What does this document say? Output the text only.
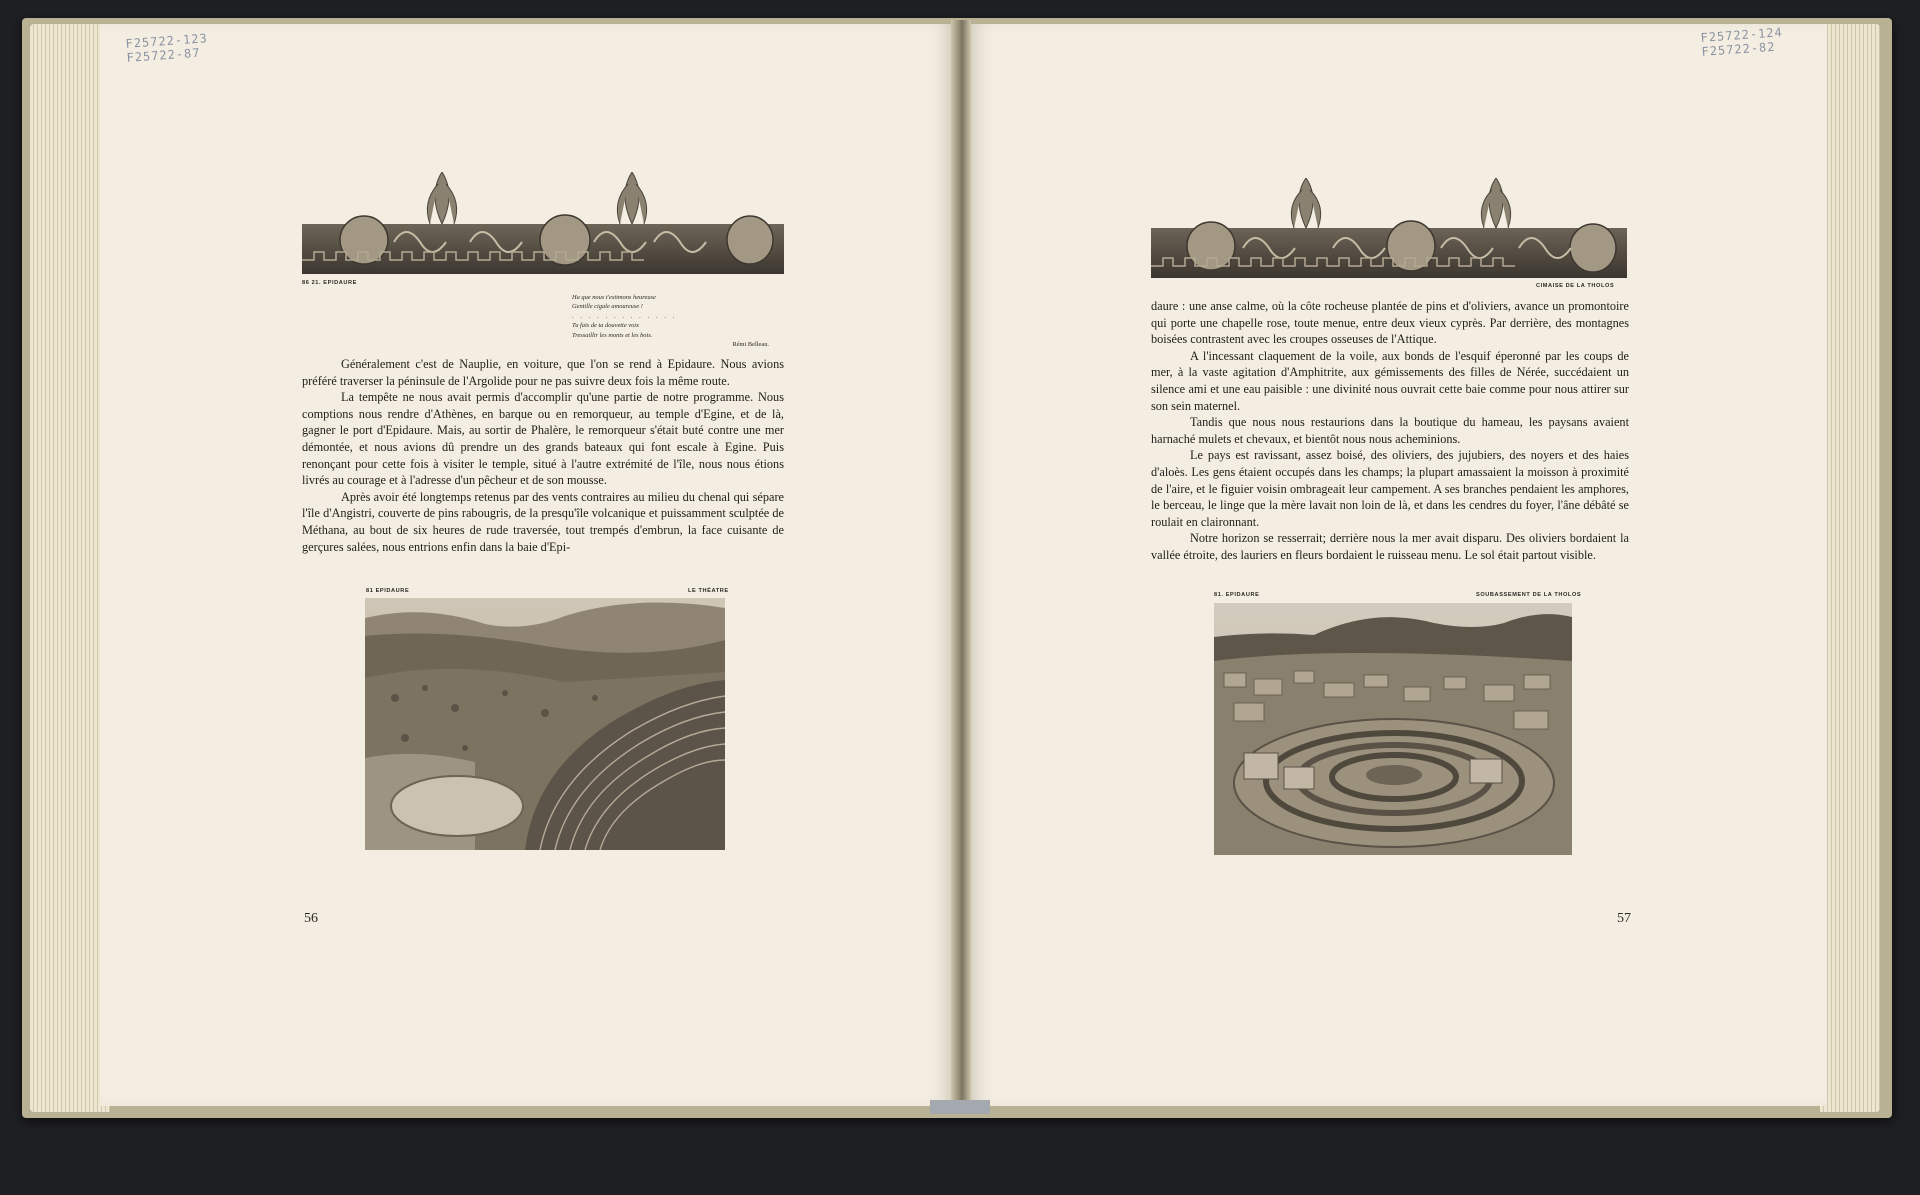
F25722-123
F25722-87
F25722-124
F25722-82
86 21. EPIDAURE
Ha que nous t'estimons heureuse
Gentille cigale amoureuse !
. . . . . . . . . . . . .
Tu fais de ta douvette voix
Tressaillir les monts et les bois.
Rémi Belleau.

Généralement c'est de Nauplie, en voiture, que l'on se rend à Epidaure. Nous avions préféré traverser la péninsule de l'Argolide pour ne pas suivre deux fois la même route.

La tempête ne nous avait permis d'accomplir qu'une partie de notre programme. Nous comptions nous rendre d'Athènes, en barque ou en remorqueur, au temple d'Egine, et de là, gagner le port d'Epidaure. Mais, au sortir de Phalère, le remorqueur s'était buté contre une mer démontée, et nous avions dû prendre un des grands bateaux qui font escale à Egine. Puis renonçant pour cette fois à visiter le temple, situé à l'autre extrémité de l'île, nous nous étions livrés au courage et à l'adresse d'un pêcheur et de son mousse.

Après avoir été longtemps retenus par des vents contraires au milieu du chenal qui sépare l'île d'Angistri, couverte de pins rabougris, de la presqu'île volcanique et puissamment sculptée de Méthana, au bout de six heures de rude traversée, tout trempés d'embrun, la face cuisante de gerçures salées, nous entrions enfin dans la baie d'Epi-

81 EPIDAURE	LE THÉATRE
56
CIMAISE DE LA THOLOS

daure : une anse calme, où la côte rocheuse plantée de pins et d'oliviers, avance un promontoire qui porte une chapelle rose, toute menue, entre deux vieux cyprès. Par derrière, des montagnes boisées contrastent avec les croupes osseuses de l'Attique.

A l'incessant claquement de la voile, aux bonds de l'esquif éperonné par les coups de mer, à la vaste agitation d'Amphitrite, aux gémissements des filles de Nérée, succédaient un silence ami et une eau paisible : une divinité nous ouvrait cette baie comme pour nous attirer sur son sein maternel.

Tandis que nous nous restaurions dans la boutique du hameau, les paysans avaient harnaché mulets et chevaux, et bientôt nous nous acheminions.

Le pays est ravissant, assez boisé, des oliviers, des jujubiers, des noyers et des haies d'aloès. Les gens étaient occupés dans les champs; la plupart amassaient la moisson à proximité de l'aire, et le figuier voisin ombrageait leur campement. A ses branches pendaient les amphores, le berceau, le linge que la mère lavait non loin de là, et dans les cendres du foyer, l'âne débâté se roulait en claironnant.

Notre horizon se resserrait; derrière nous la mer avait disparu. Des oliviers bordaient la vallée étroite, des lauriers en fleurs bordaient le ruisseau menu. Le sol était partout visible.

81. EPIDAURE	SOUBASSEMENT DE LA THOLOS
57
